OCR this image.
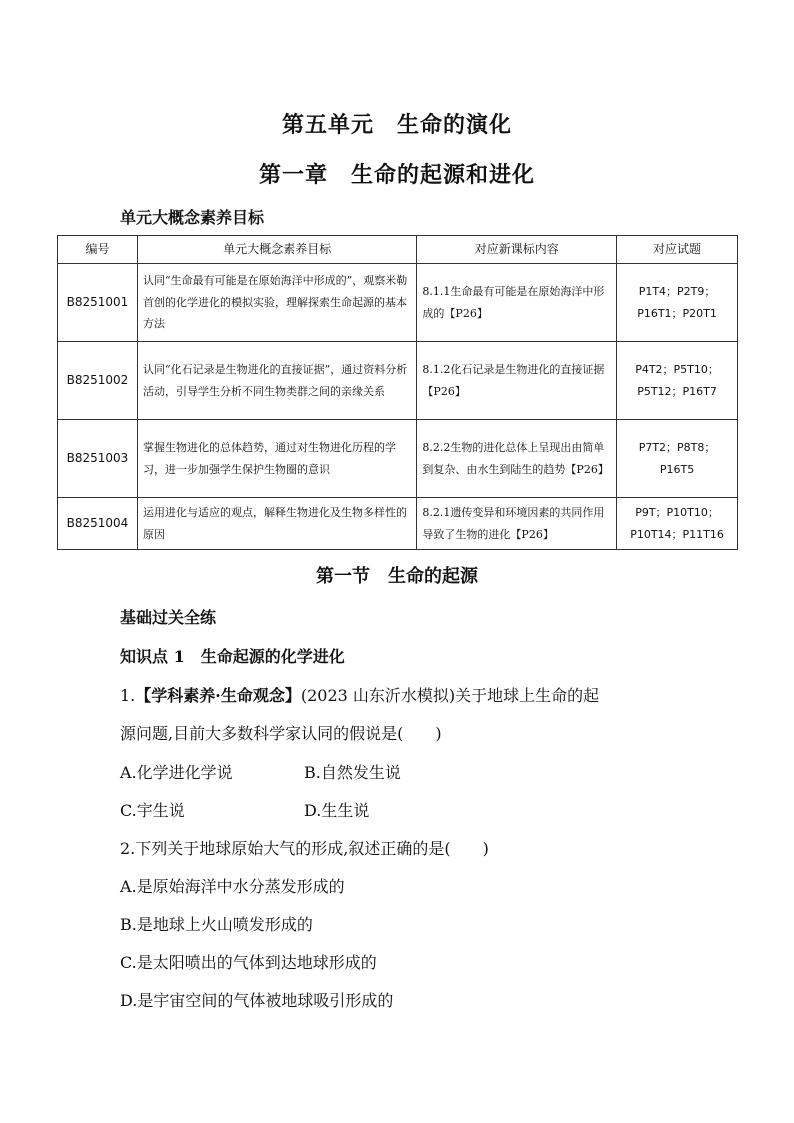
第五单元　生命的演化
第一章　生命的起源和进化
单元大概念素养目标
编号	单元大概念素养目标	对应新课标内容	对应试题
B8251001	认同“生命最有可能是在原始海洋中形成的”，观察米勒首创的化学进化的模拟实验，理解探索生命起源的基本方法	8.1.1生命最有可能是在原始海洋中形成的【P26】	P1T4；P2T9；P16T1；P20T1
B8251002	认同“化石记录是生物进化的直接证据”，通过资料分析活动，引导学生分析不同生物类群之间的亲缘关系	8.1.2化石记录是生物进化的直接证据【P26】	P4T2；P5T10；P5T12；P16T7
B8251003	掌握生物进化的总体趋势，通过对生物进化历程的学习，进一步加强学生保护生物圈的意识	8.2.2生物的进化总体上呈现出由简单到复杂、由水生到陆生的趋势【P26】	P7T2；P8T8；P16T5
B8251004	运用进化与适应的观点，解释生物进化及生物多样性的原因	8.2.1遗传变异和环境因素的共同作用导致了生物的进化【P26】	P9T；P10T10；P10T14；P11T16
第一节　生命的起源
基础过关全练
知识点 1　生命起源的化学进化
1.【学科素养·生命观念】(2023 山东沂水模拟)关于地球上生命的起
源问题,目前大多数科学家认同的假说是(　　)
A.化学进化学说	B.自然发生说
C.宇生说	D.生生说
2.下列关于地球原始大气的形成,叙述正确的是(　　)
A.是原始海洋中水分蒸发形成的
B.是地球上火山喷发形成的
C.是太阳喷出的气体到达地球形成的
D.是宇宙空间的气体被地球吸引形成的
